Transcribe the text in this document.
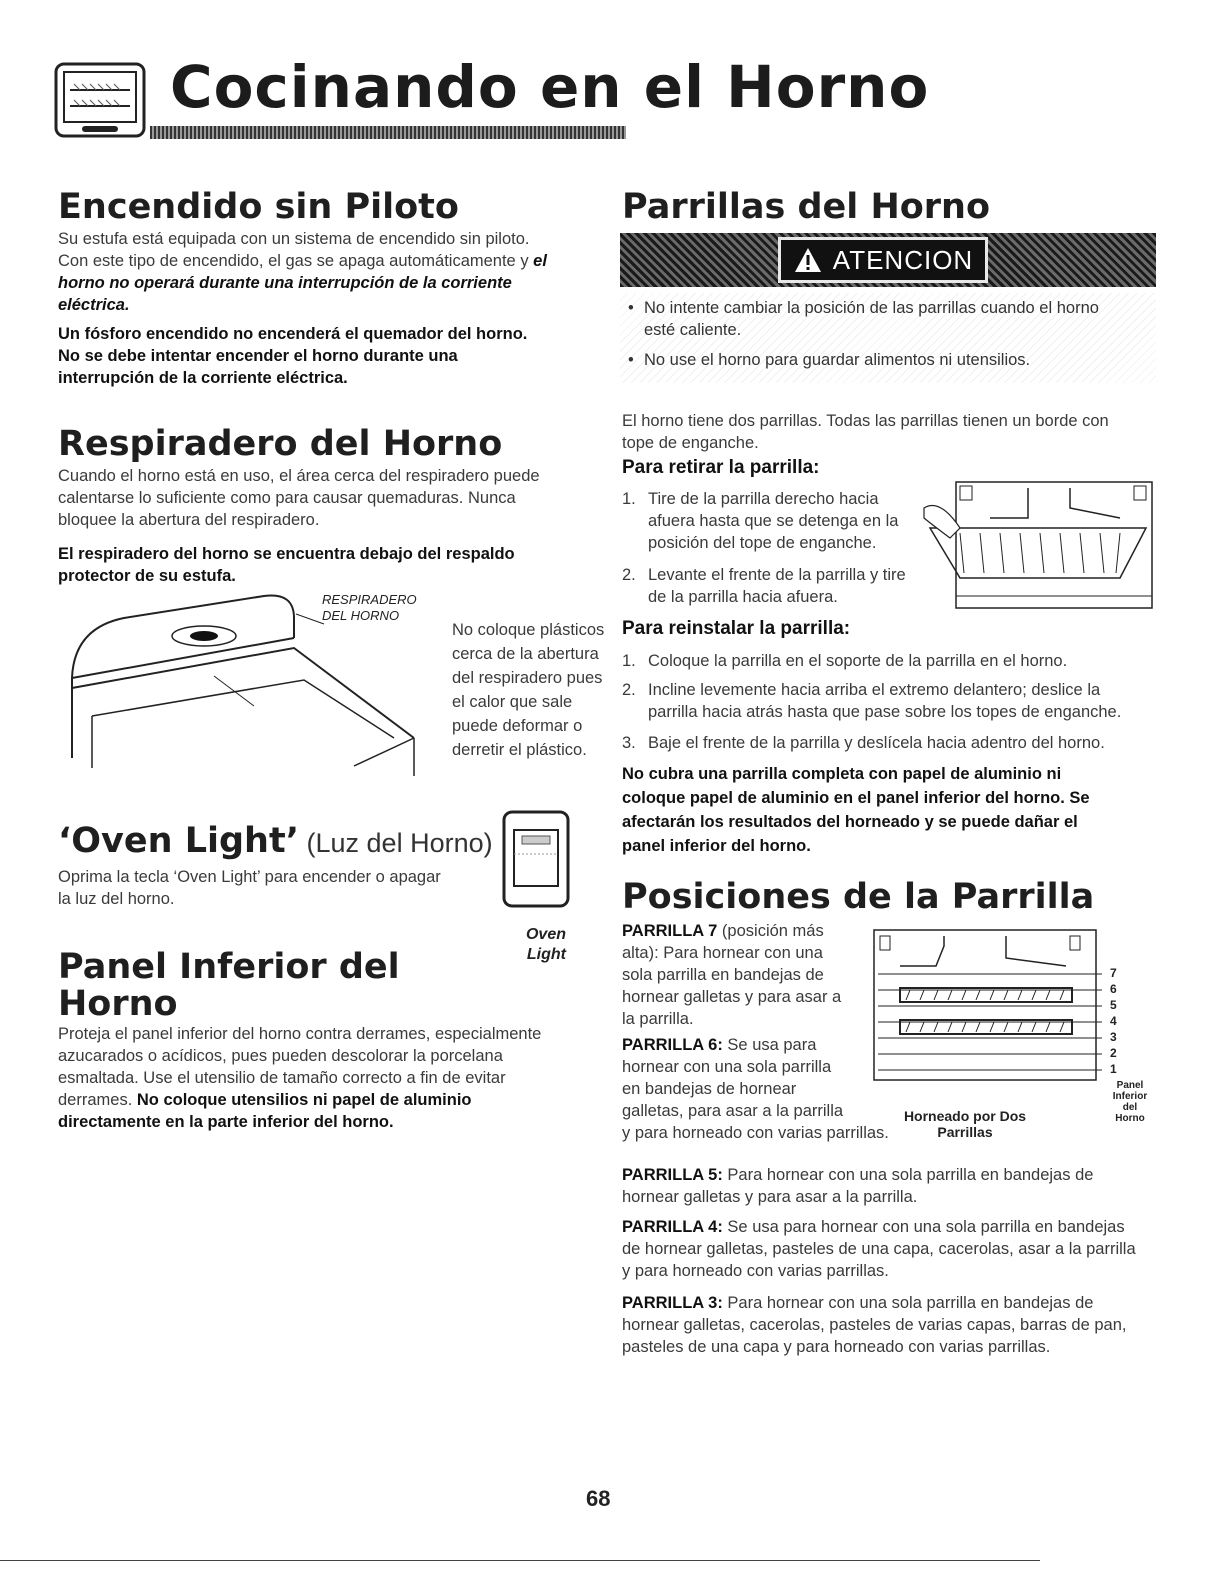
Cocinando en el Horno
Encendido sin Piloto
Su estufa está equipada con un sistema de encendido sin piloto.
Con este tipo de encendido, el gas se apaga automáticamente y el
horno no operará durante una interrupción de la corriente
eléctrica.
Un fósforo encendido no encenderá el quemador del horno.
No se debe intentar encender el horno durante una
interrupción de la corriente eléctrica.
Respiradero del Horno
Cuando el horno está en uso, el área cerca del respiradero puede
calentarse lo suficiente como para causar quemaduras. Nunca
bloquee la abertura del respiradero.
El respiradero del horno se encuentra debajo del respaldo
protector de su estufa.
RESPIRADERO
DEL HORNO
No coloque plásticos
cerca de la abertura
del respiradero pues
el calor que sale
puede deformar o
derretir el plástico.
‘Oven Light’ (Luz del Horno)
Oprima la tecla ‘Oven Light’ para encender o apagar
la luz del horno.
Oven
Light
Panel Inferior del
Horno
Proteja el panel inferior del horno contra derrames, especialmente
azucarados o acídicos, pues pueden descolorar la porcelana
esmaltada. Use el utensilio de tamaño correcto a fin de evitar
derrames. No coloque utensilios ni papel de aluminio
directamente en la parte inferior del horno.
Parrillas del Horno
ATENCION
• No intente cambiar la posición de las parrillas cuando el horno
esté caliente.
• No use el horno para guardar alimentos ni utensilios.
El horno tiene dos parrillas. Todas las parrillas tienen un borde con
tope de enganche.
Para retirar la parrilla:
1. Tire de la parrilla derecho hacia
afuera hasta que se detenga en la
posición del tope de enganche.
2. Levante el frente de la parrilla y tire
de la parrilla hacia afuera.
Para reinstalar la parrilla:
1. Coloque la parrilla en el soporte de la parrilla en el horno.
2. Incline levemente hacia arriba el extremo delantero; deslice la
parrilla hacia atrás hasta que pase sobre los topes de enganche.
3. Baje el frente de la parrilla y deslícela hacia adentro del horno.
No cubra una parrilla completa con papel de aluminio ni
coloque papel de aluminio en el panel inferior del horno. Se
afectarán los resultados del horneado y se puede dañar el
panel inferior del horno.
Posiciones de la Parrilla
PARRILLA 7 (posición más
alta): Para hornear con una
sola parrilla en bandejas de
hornear galletas y para asar a
la parrilla.
PARRILLA 6: Se usa para
hornear con una sola parrilla
en bandejas de hornear
galletas, para asar a la parrilla
y para horneado con varias parrillas.
7
6
5
4
3
2
1
Panel
Inferior
del
Horno
Horneado por Dos
Parrillas
PARRILLA 5: Para hornear con una sola parrilla en bandejas de
hornear galletas y para asar a la parrilla.
PARRILLA 4: Se usa para hornear con una sola parrilla en bandejas
de hornear galletas, pasteles de una capa, cacerolas, asar a la parrilla
y para horneado con varias parrillas.
PARRILLA 3: Para hornear con una sola parrilla en bandejas de
hornear galletas, cacerolas, pasteles de varias capas, barras de pan,
pasteles de una capa y para horneado con varias parrillas.
68
